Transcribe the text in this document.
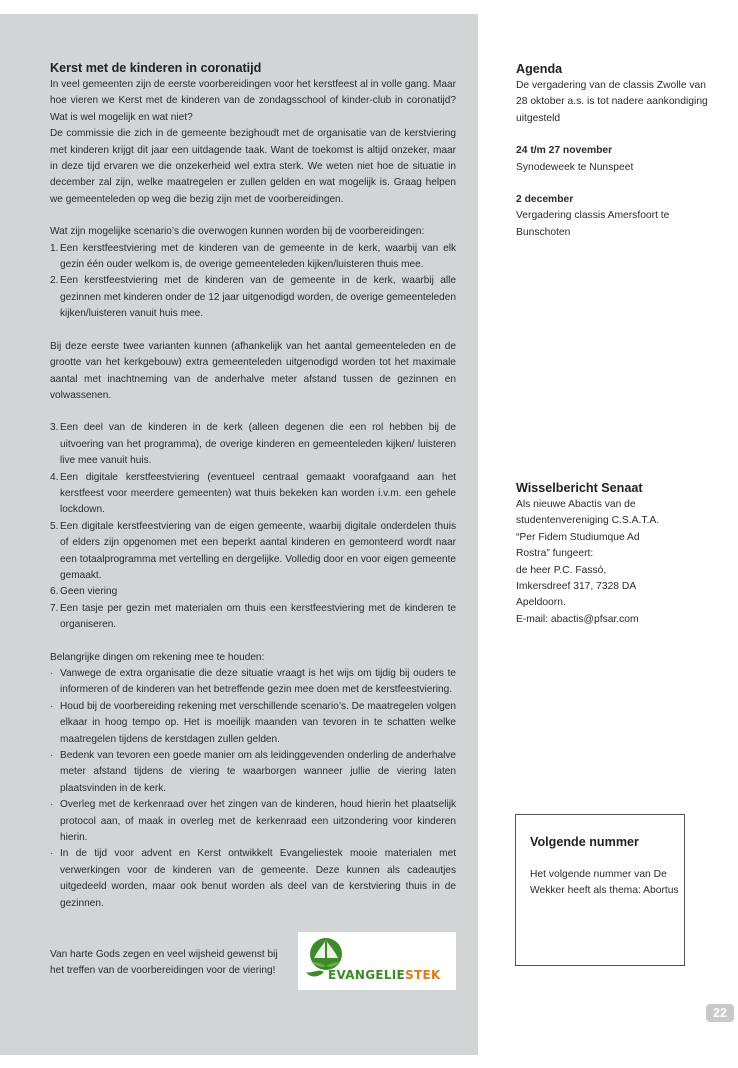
Kerst met de kinderen in coronatijd

In veel gemeenten zijn de eerste voorbereidingen voor het kerstfeest al in volle gang. Maar hoe vieren we Kerst met de kinderen van de zondagsschool of kinder-club in coronatijd? Wat is wel mogelijk en wat niet?

De commissie die zich in de gemeente bezighoudt met de organisatie van de kerstviering met kinderen krijgt dit jaar een uitdagende taak. Want de toekomst is altijd onzeker, maar in deze tijd ervaren we die onzekerheid wel extra sterk. We weten niet hoe de situatie in december zal zijn, welke maatregelen er zullen gelden en wat mogelijk is. Graag helpen we gemeenteleden op weg die bezig zijn met de voorbereidingen.

Wat zijn mogelijke scenario’s die overwogen kunnen worden bij de voorbereidingen:

1. Een kerstfeestviering met de kinderen van de gemeente in de kerk, waarbij van elk gezin één ouder welkom is, de overige gemeenteleden kijken/luisteren thuis mee.
2. Een kerstfeestviering met de kinderen van de gemeente in de kerk, waarbij alle gezinnen met kinderen onder de 12 jaar uitgenodigd worden, de overige gemeenteleden kijken/luisteren vanuit huis mee.

Bij deze eerste twee varianten kunnen (afhankelijk van het aantal gemeenteleden en de grootte van het kerkgebouw) extra gemeenteleden uitgenodigd worden tot het maximale aantal met inachtneming van de anderhalve meter afstand tussen de gezinnen en volwassenen.

3. Een deel van de kinderen in de kerk (alleen degenen die een rol hebben bij de uitvoering van het programma), de overige kinderen en gemeenteleden kijken/ luisteren live mee vanuit huis.
4. Een digitale kerstfeestviering (eventueel centraal gemaakt voorafgaand aan het kerstfeest voor meerdere gemeenten) wat thuis bekeken kan worden i.v.m. een gehele lockdown.
5. Een digitale kerstfeestviering van de eigen gemeente, waarbij digitale onderdelen thuis of elders zijn opgenomen met een beperkt aantal kinderen en gemonteerd wordt naar een totaalprogramma met vertelling en dergelijke. Volledig door en voor eigen gemeente gemaakt.
6. Geen viering
7. Een tasje per gezin met materialen om thuis een kerstfeestviering met de kinderen te organiseren.

Belangrijke dingen om rekening mee te houden:

· Vanwege de extra organisatie die deze situatie vraagt is het wijs om tijdig bij ouders te informeren of de kinderen van het betreffende gezin mee doen met de kerstfeestviering.
· Houd bij de voorbereiding rekening met verschillende scenario’s. De maatregelen volgen elkaar in hoog tempo op. Het is moeilijk maanden van tevoren in te schatten welke maatregelen tijdens de kerstdagen zullen gelden.
· Bedenk van tevoren een goede manier om als leidinggevenden onderling de anderhalve meter afstand tijdens de viering te waarborgen wanneer jullie de viering laten plaatsvinden in de kerk.
· Overleg met de kerkenraad over het zingen van de kinderen, houd hierin het plaatselijk protocol aan, of maak in overleg met de kerkenraad een uitzondering voor kinderen hierin.
· In de tijd voor advent en Kerst ontwikkelt Evangeliestek mooie materialen met verwerkingen voor de kinderen van de gemeente. Deze kunnen als cadeautjes uitgedeeld worden, maar ook benut worden als deel van de kerstviering thuis in de gezinnen.

Van harte Gods zegen en veel wijsheid gewenst bij het treffen van de voorbereidingen voor de viering!	EVANGELIESTEK
Agenda

De vergadering van de classis Zwolle van 28 oktober a.s. is tot nadere aankondiging uitgesteld

24 t/m 27 november

Synodeweek te Nunspeet

2 december

Vergadering classis Amersfoort te Bunschoten

Wisselbericht Senaat

Als nieuwe Abactis van de

studentenvereniging C.S.A.T.A.

“Per Fidem Studiumque Ad

Rostra” fungeert:

de heer P.C. Fassó,

Imkersdreef 317, 7328 DA

Apeldoorn.

E-mail: abactis@pfsar.com

Volgende nummer

Het volgende nummer van De Wekker heeft als thema: Abortus

22
